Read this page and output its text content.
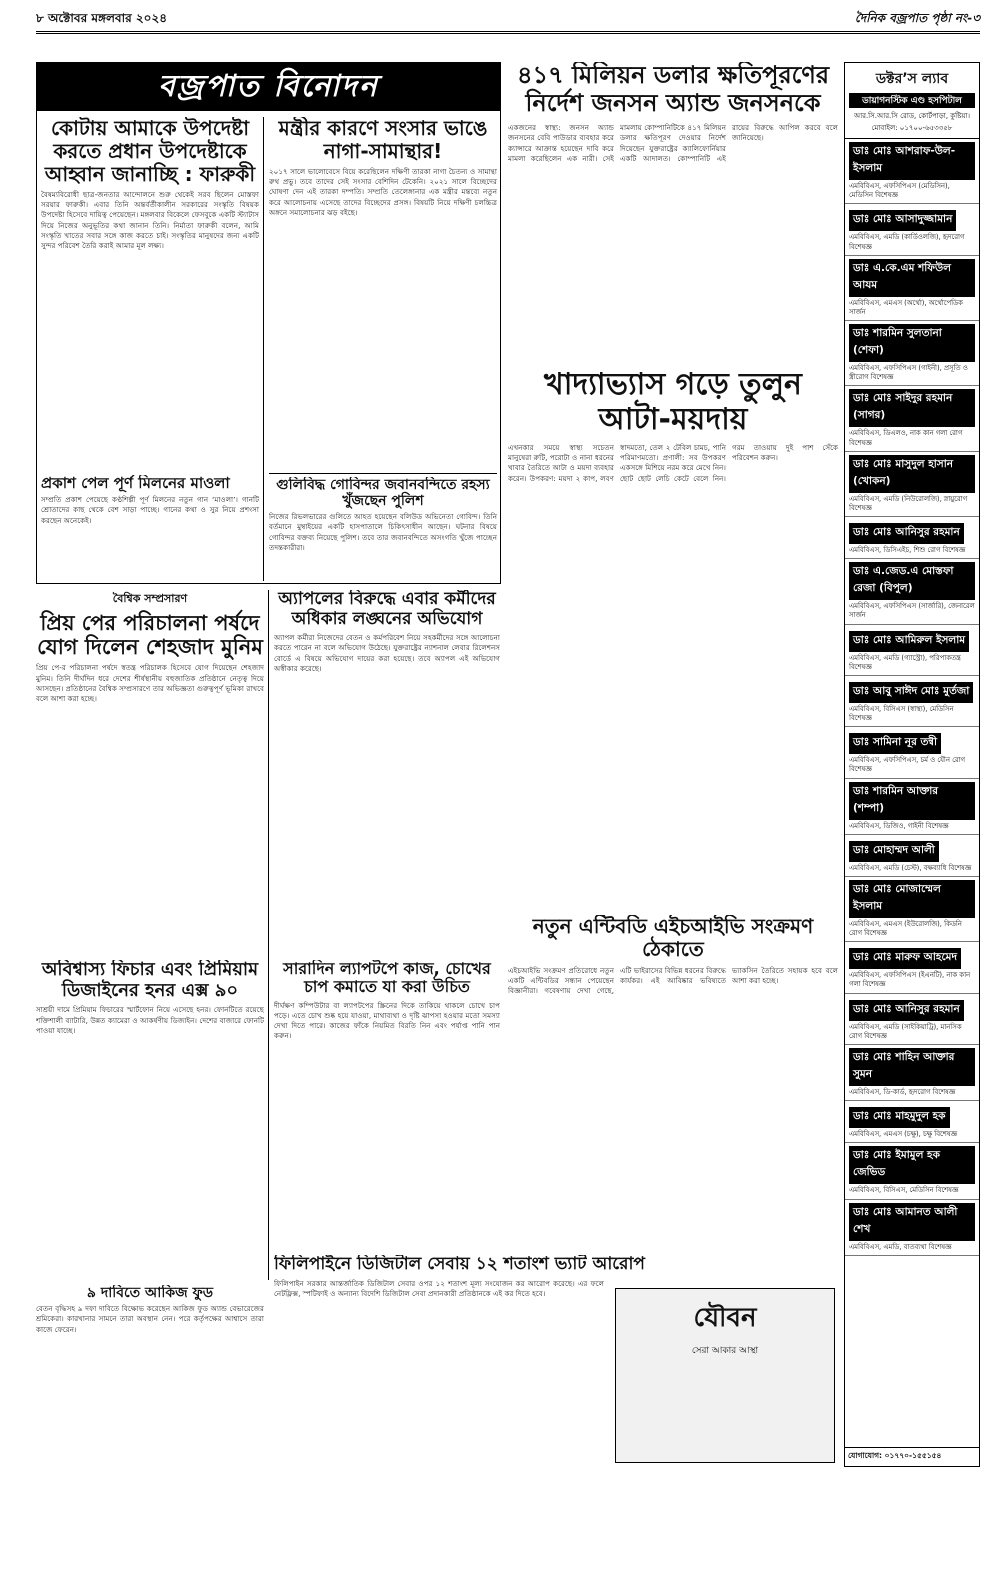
৮ অক্টোবর মঙ্গলবার ২০২৪	দৈনিক বজ্রপাত পৃষ্ঠা নং-৩
বজ্রপাত বিনোদন
কোটায় আমাকে উপদেষ্টা করতে প্রধান উপদেষ্টাকে আহ্বান জানাচ্ছি : ফারুকী

বৈষম্যবিরোধী ছাত্র-জনতার আন্দোলনে শুরু থেকেই সরব ছিলেন মোস্তফা সরয়ার ফারুকী। এবার তিনি অন্তর্বর্তীকালীন সরকারের সংস্কৃতি বিষয়ক উপদেষ্টা হিসেবে দায়িত্ব পেয়েছেন। মঙ্গলবার বিকেলে ফেসবুকে একটি স্ট্যাটাস দিয়ে নিজের অনুভূতির কথা জানান তিনি। নির্মাতা ফারুকী বলেন, আমি সংস্কৃতি খাতের সবার সঙ্গে কাজ করতে চাই। সংস্কৃতির মানুষদের জন্য একটি সুন্দর পরিবেশ তৈরি করাই আমার মূল লক্ষ্য।

মন্ত্রীর কারণে সংসার ভাঙে নাগা-সামান্থার!

২০১৭ সালে ভালোবেসে বিয়ে করেছিলেন দক্ষিণী তারকা নাগা চৈতন্য ও সামান্থা রুথ প্রভু। তবে তাদের সেই সংসার বেশিদিন টেকেনি। ২০২১ সালে বিচ্ছেদের ঘোষণা দেন এই তারকা দম্পতি। সম্প্রতি তেলেঙ্গানার এক মন্ত্রীর মন্তব্যে নতুন করে আলোচনায় এসেছে তাদের বিচ্ছেদের প্রসঙ্গ। বিষয়টি নিয়ে দক্ষিণী চলচ্চিত্র অঙ্গনে সমালোচনার ঝড় বইছে।

গুলিবিদ্ধ গোবিন্দর জবানবন্দিতে রহস্য খুঁজছেন পুলিশ

নিজের রিভলভারের গুলিতে আহত হয়েছেন বলিউড অভিনেতা গোবিন্দ। তিনি বর্তমানে মুম্বাইয়ের একটি হাসপাতালে চিকিৎসাধীন আছেন। ঘটনার বিষয়ে গোবিন্দর বক্তব্য নিয়েছে পুলিশ। তবে তার জবানবন্দিতে অসংগতি খুঁজে পাচ্ছেন তদন্তকারীরা।

প্রকাশ পেল পূর্ণ মিলনের মাওলা

সম্প্রতি প্রকাশ পেয়েছে কণ্ঠশিল্পী পূর্ণ মিলনের নতুন গান ‘মাওলা’। গানটি শ্রোতাদের কাছ থেকে বেশ সাড়া পাচ্ছে। গানের কথা ও সুর নিয়ে প্রশংসা করছেন অনেকেই।

৪১৭ মিলিয়ন ডলার ক্ষতিপূরণের নির্দেশ জনসন অ্যান্ড জনসনকে

একজনের স্বাস্থ্য: জনসন অ্যান্ড জনসনের বেবি পাউডার ব্যবহার করে ক্যান্সারে আক্রান্ত হয়েছেন দাবি করে মামলা করেছিলেন এক নারী। সেই মামলায় কোম্পানিটিকে ৪১৭ মিলিয়ন ডলার ক্ষতিপূরণ দেওয়ার নির্দেশ দিয়েছেন যুক্তরাষ্ট্রের ক্যালিফোর্নিয়ার একটি আদালত। কোম্পানিটি এই রায়ের বিরুদ্ধে আপিল করবে বলে জানিয়েছে।

খাদ্যাভ্যাস গড়ে তুলুন আটা-ময়দায়

এখনকার সময়ে স্বাস্থ্য সচেতন মানুষেরা রুটি, পরোটা ও নানা ধরনের খাবার তৈরিতে আটা ও ময়দা ব্যবহার করেন। উপকরণ: ময়দা ২ কাপ, লবণ স্বাদমতো, তেল ২ টেবিল চামচ, পানি পরিমাণমতো। প্রণালী: সব উপকরণ একসঙ্গে মিশিয়ে নরম করে মেখে নিন। ছোট ছোট লেচি কেটে বেলে নিন। গরম তাওয়ায় দুই পাশ সেঁকে পরিবেশন করুন।

বৈশ্বিক সম্প্রসারণ
প্রিয় পের পরিচালনা পর্ষদে যোগ দিলেন শেহজাদ মুনিম

প্রিয় পে-র পরিচালনা পর্ষদে স্বতন্ত্র পরিচালক হিসেবে যোগ দিয়েছেন শেহজাদ মুনিম। তিনি দীর্ঘদিন ধরে দেশের শীর্ষস্থানীয় বহুজাতিক প্রতিষ্ঠানে নেতৃত্ব দিয়ে আসছেন। প্রতিষ্ঠানের বৈশ্বিক সম্প্রসারণে তার অভিজ্ঞতা গুরুত্বপূর্ণ ভূমিকা রাখবে বলে আশা করা হচ্ছে।

অ্যাপলের বিরুদ্ধে এবার কর্মীদের অধিকার লঙ্ঘনের অভিযোগ

অ্যাপল কর্মীরা নিজেদের বেতন ও কর্মপরিবেশ নিয়ে সহকর্মীদের সঙ্গে আলোচনা করতে পারেন না বলে অভিযোগ উঠেছে। যুক্তরাষ্ট্রের ন্যাশনাল লেবার রিলেশনস বোর্ডে এ বিষয়ে অভিযোগ দায়ের করা হয়েছে। তবে অ্যাপল এই অভিযোগ অস্বীকার করেছে।

অবিশ্বাস্য ফিচার এবং প্রিমিয়াম ডিজাইনের হনর এক্স ৯০

সাশ্রয়ী দামে প্রিমিয়াম ফিচারের স্মার্টফোন নিয়ে এসেছে হনর। ফোনটিতে রয়েছে শক্তিশালী ব্যাটারি, উন্নত ক্যামেরা ও আকর্ষণীয় ডিজাইন। দেশের বাজারে ফোনটি পাওয়া যাচ্ছে।

সারাদিন ল্যাপটপে কাজ, চোখের চাপ কমাতে যা করা উচিত

দীর্ঘক্ষণ কম্পিউটার বা ল্যাপটপের স্ক্রিনের দিকে তাকিয়ে থাকলে চোখে চাপ পড়ে। এতে চোখ শুষ্ক হয়ে যাওয়া, মাথাব্যথা ও দৃষ্টি ঝাপসা হওয়ার মতো সমস্যা দেখা দিতে পারে। কাজের ফাঁকে নিয়মিত বিরতি নিন এবং পর্যাপ্ত পানি পান করুন।

৯ দাবিতে আকিজ ফুড

বেতন বৃদ্ধিসহ ৯ দফা দাবিতে বিক্ষোভ করেছেন আকিজ ফুড অ্যান্ড বেভারেজের শ্রমিকেরা। কারখানার সামনে তারা অবস্থান নেন। পরে কর্তৃপক্ষের আশ্বাসে তারা কাজে ফেরেন।

নতুন এন্টিবডি এইচআইভি সংক্রমণ ঠেকাতে

এইচআইভি সংক্রমণ প্রতিরোধে নতুন একটি এন্টিবডির সন্ধান পেয়েছেন বিজ্ঞানীরা। গবেষণায় দেখা গেছে, এটি ভাইরাসের বিভিন্ন ধরনের বিরুদ্ধে কার্যকর। এই আবিষ্কার ভবিষ্যতে ভ্যাকসিন তৈরিতে সহায়ক হবে বলে আশা করা হচ্ছে।

ফিলিপাইনে ডিজিটাল সেবায় ১২ শতাংশ ভ্যাট আরোপ

ফিলিপাইন সরকার আন্তর্জাতিক ডিজিটাল সেবার ওপর ১২ শতাংশ মূল্য সংযোজন কর আরোপ করেছে। এর ফলে নেটফ্লিক্স, স্পটিফাই ও অন্যান্য বিদেশি ডিজিটাল সেবা প্রদানকারী প্রতিষ্ঠানকে এই কর দিতে হবে।

যৌবন
সেরা আকার আস্থা
ডক্টর’স ল্যাব
ডায়াগনস্টিক এণ্ড হসপিটাল
আর.সি.আর.সি রোড, কোর্টপাড়া, কুষ্টিয়া।
মোবাইল: ০১৭০০-৬৫৩৩৫৮
ডাঃ মোঃ আশরাফ-উল-ইসলাম
এমবিবিএস, এফসিপিএস (মেডিসিন), মেডিসিন বিশেষজ্ঞ
ডাঃ মোঃ আসাদুজ্জামান
এমবিবিএস, এমডি (কার্ডিওলজি), হৃদরোগ বিশেষজ্ঞ
ডাঃ এ.কে.এম শফিউল আযম
এমবিবিএস, এমএস (অর্থো), অর্থোপেডিক সার্জন
ডাঃ শারমিন সুলতানা (শেফা)
এমবিবিএস, এফসিপিএস (গাইনী), প্রসূতি ও স্ত্রীরোগ বিশেষজ্ঞ
ডাঃ মোঃ সাইদুর রহমান (সাগর)
এমবিবিএস, ডিএলও, নাক কান গলা রোগ বিশেষজ্ঞ
ডাঃ মোঃ মাসুদুল হাসান (খোকন)
এমবিবিএস, এমডি (নিউরোলজি), স্নায়ুরোগ বিশেষজ্ঞ
ডাঃ মোঃ আনিসুর রহমান
এমবিবিএস, ডিসিএইচ, শিশু রোগ বিশেষজ্ঞ
ডাঃ এ.জেড.এ মোস্তফা রেজা (বিপুল)
এমবিবিএস, এফসিপিএস (সার্জারি), জেনারেল সার্জন
ডাঃ মোঃ আমিরুল ইসলাম
এমবিবিএস, এমডি (গ্যাস্ট্রো), পরিপাকতন্ত্র বিশেষজ্ঞ
ডাঃ আবু সাঈদ মোঃ মুর্তজা
এমবিবিএস, বিসিএস (স্বাস্থ্য), মেডিসিন বিশেষজ্ঞ
ডাঃ সামিনা নূর তন্বী
এমবিবিএস, এফসিপিএস, চর্ম ও যৌন রোগ বিশেষজ্ঞ
ডাঃ শারমিন আক্তার (শম্পা)
এমবিবিএস, ডিজিও, গাইনী বিশেষজ্ঞ
ডাঃ মোহাম্মদ আলী
এমবিবিএস, এমডি (চেস্ট), বক্ষব্যাধি বিশেষজ্ঞ
ডাঃ মোঃ মোজাম্মেল ইসলাম
এমবিবিএস, এমএস (ইউরোলজি), কিডনি রোগ বিশেষজ্ঞ
ডাঃ মোঃ মারুফ আহমেদ
এমবিবিএস, এফসিপিএস (ইএনটি), নাক কান গলা বিশেষজ্ঞ
ডাঃ মোঃ আনিসুর রহমান
এমবিবিএস, এমডি (সাইকিয়াট্রি), মানসিক রোগ বিশেষজ্ঞ
ডাঃ মোঃ শাহিন আক্তার সুমন
এমবিবিএস, ডি-কার্ড, হৃদরোগ বিশেষজ্ঞ
ডাঃ মোঃ মাহমুদুল হক
এমবিবিএস, এমএস (চক্ষু), চক্ষু বিশেষজ্ঞ
ডাঃ মোঃ ইমামুল হক জেভিড
এমবিবিএস, বিসিএস, মেডিসিন বিশেষজ্ঞ
ডাঃ মোঃ আমানত আলী শেখ
এমবিবিএস, এমডি, বাতব্যথা বিশেষজ্ঞ
যোগাযোগ: ০১৭৭০-১৫৫১৫৪
